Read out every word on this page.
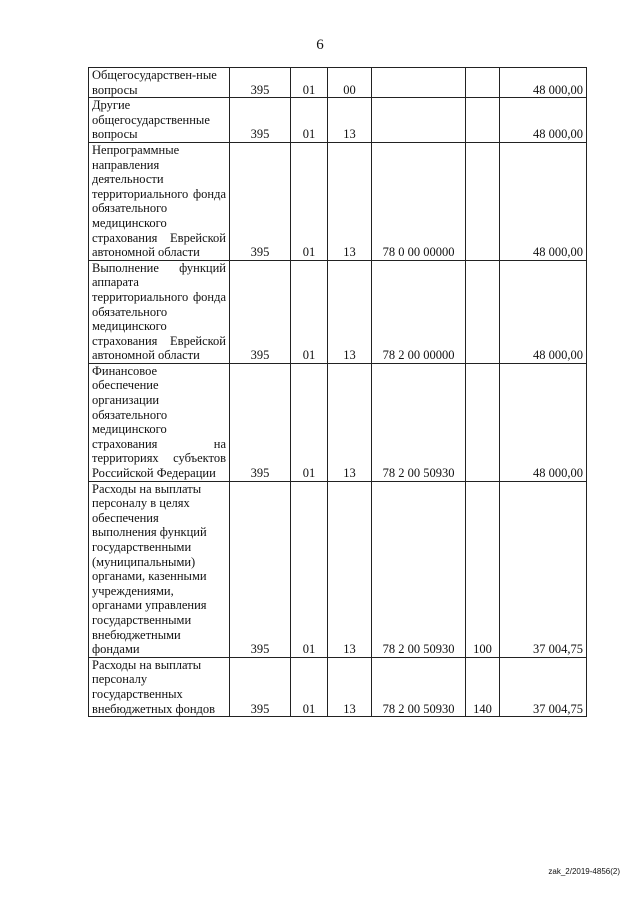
6
Общегосударствен-ные вопросы	395	01	00			48 000,00
Другие общегосударственные вопросы	395	01	13			48 000,00
Непрограммные направления деятельности территориального фонда обязательного медицинского страхования Еврейской автономной области	395	01	13	78 0 00 00000		48 000,00
Выполнение функций аппарата территориального фонда обязательного медицинского страхования Еврейской автономной области	395	01	13	78 2 00 00000		48 000,00
Финансовое обеспечение организации обязательного медицинского страхования на территориях субъектов Российской Федерации	395	01	13	78 2 00 50930		48 000,00
Расходы на выплаты персоналу в целях обеспечения выполнения функций государственными (муниципальными) органами, казенными учреждениями, органами управления государственными внебюджетными фондами	395	01	13	78 2 00 50930	100	37 004,75
Расходы на выплаты персоналу государственных внебюджетных фондов	395	01	13	78 2 00 50930	140	37 004,75
zak_2/2019-4856(2)
